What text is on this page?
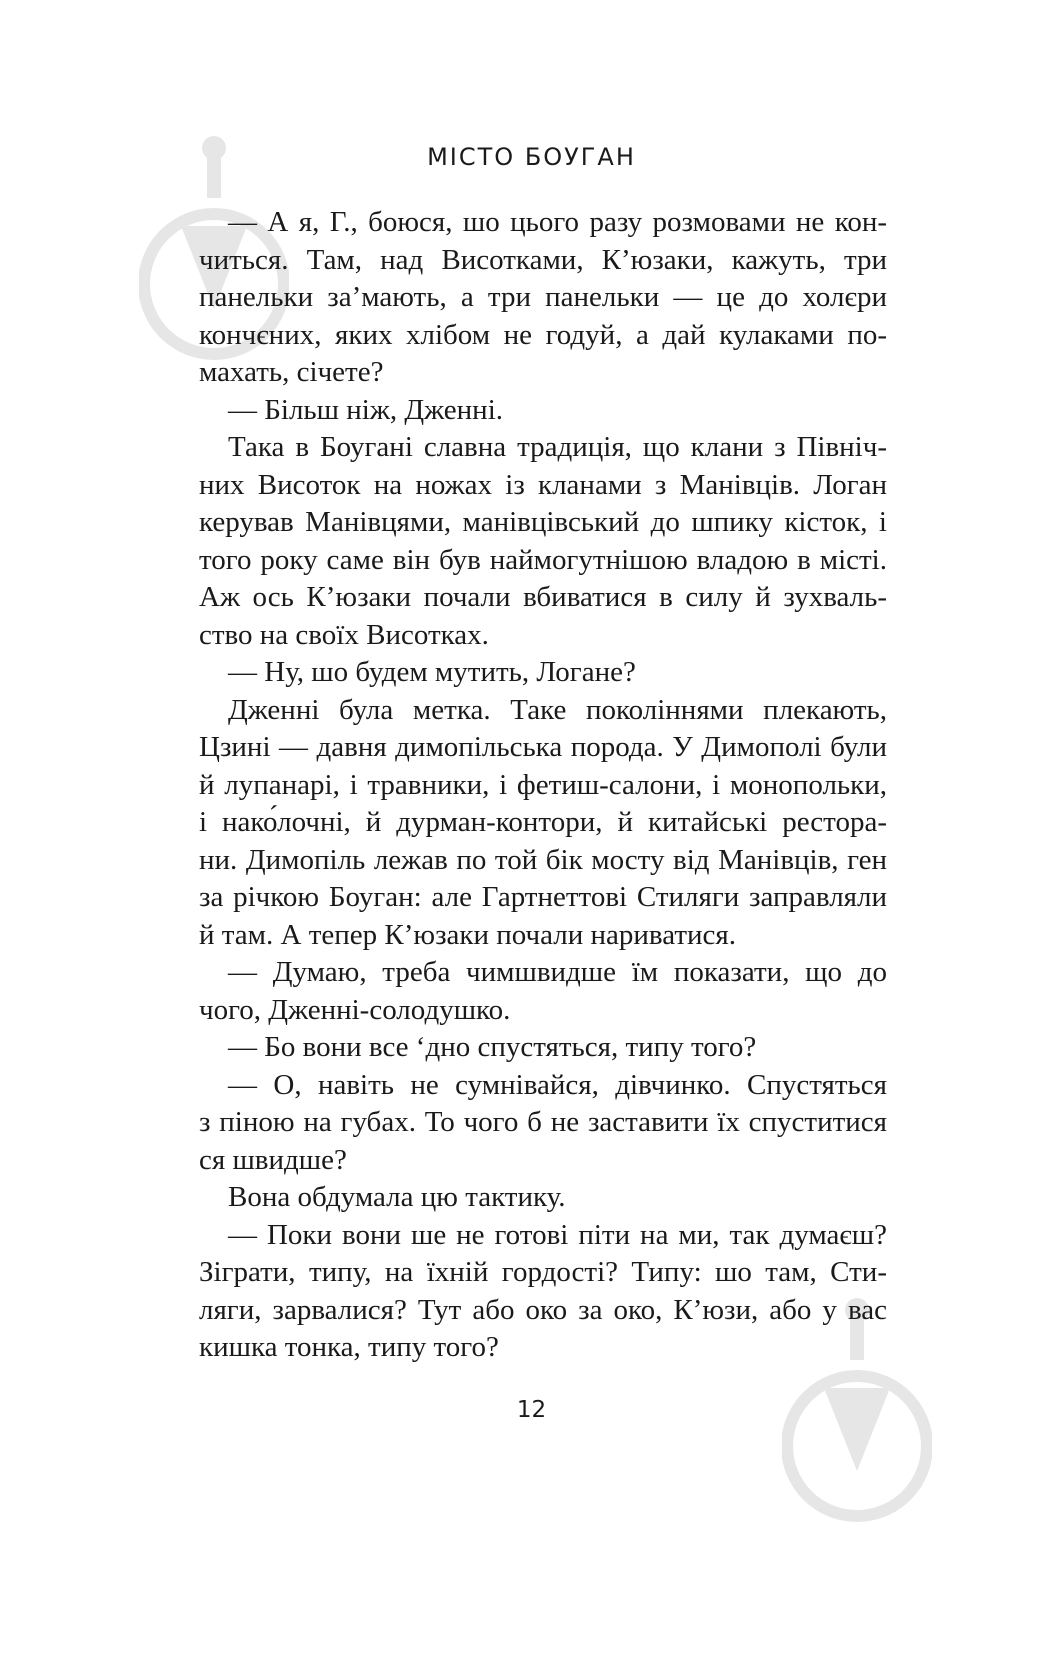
МІСТО БОУГАН
— А я, Г., боюся, шо цього разу розмовами не кон-
читься. Там, над Висотками, К’юзаки, кажуть, три
панельки за’мають, а три панельки — це до холєри
кончєних, яких хлібом не годуй, а дай кулаками по-
махать, січете?
— Більш ніж, Дженні.
Така в Боугані славна традиція, що клани з Північ-
них Висоток на ножах із кланами з Манівців. Логан
керував Манівцями, манівцівський до шпику кісток, і
того року саме він був наймогутнішою владою в місті.
Аж ось К’юзаки почали вбиватися в силу й зухваль-
ство на своїх Висотках.
— Ну, шо будем мутить, Логане?
Дженні була метка. Таке поколіннями плекають,
Цзині — давня димопільська порода. У Димополі були
й лупанарі, і травники, і фетиш-салони, і монопольки,
і нако́лочні, й дурман-контори, й китайські рестора-
ни. Димопіль лежав по той бік мосту від Манівців, ген
за річкою Боуган: але Гартнеттові Стиляги заправляли
й там. А тепер К’юзаки почали нариватися.
— Думаю, треба чимшвидше їм показати, що до
чого, Дженні-солодушко.
— Бо вони все ‘дно спустяться, типу того?
— О, навіть не сумнівайся, дівчинко. Спустяться
з піною на губах. То чого б не заставити їх спуститися
ся швидше?
Вона обдумала цю тактику.
— Поки вони ше не готові піти на ми, так думаєш?
Зіграти, типу, на їхній гордості? Типу: шо там, Сти-
ляги, зарвалися? Тут або око за око, К’юзи, або у вас
кишка тонка, типу того?
12
